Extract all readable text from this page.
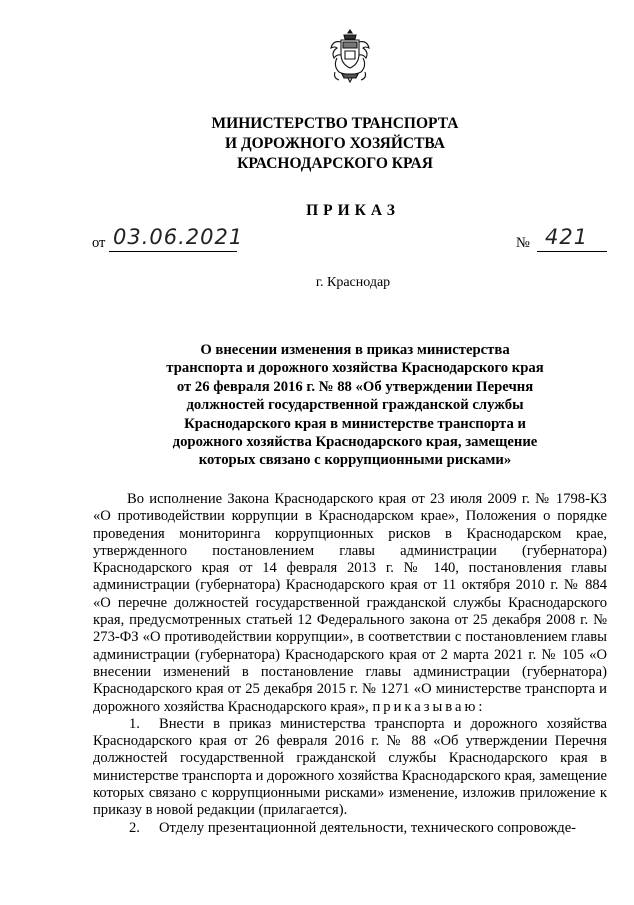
МИНИСТЕРСТВО ТРАНСПОРТА
И ДОРОЖНОГО ХОЗЯЙСТВА
КРАСНОДАРСКОГО КРАЯ
ПРИКАЗ
от 03.06.2021	№ 421
г. Краснодар
О внесении изменения в приказ министерства
транспорта и дорожного хозяйства Краснодарского края
от 26 февраля 2016 г. № 88 «Об утверждении Перечня
должностей государственной гражданской службы
Краснодарского края в министерстве транспорта и
дорожного хозяйства Краснодарского края, замещение
которых связано с коррупционными рисками»

Во исполнение Закона Краснодарского края от 23 июля 2009 г. № 1798-КЗ «О противодействии коррупции в Краснодарском крае», Положения о порядке проведения мониторинга коррупционных рисков в Краснодарском крае, утвержденного постановлением главы администрации (губернатора) Краснодарского края от 14 февраля 2013 г. № 140, постановления главы администрации (губернатора) Краснодарского края от 11 октября 2010 г. № 884 «О перечне должностей государственной гражданской службы Краснодарского края, предусмотренных статьей 12 Федерального закона от 25 декабря 2008 г. № 273-ФЗ «О противодействии коррупции», в соответствии с постановлением главы администрации (губернатора) Краснодарского края от 2 марта 2021 г. № 105 «О внесении изменений в постановление главы администрации (губернатора) Краснодарского края от 25 декабря 2015 г. № 1271 «О министерстве транспорта и дорожного хозяйства Краснодарского края», приказываю:

1. Внести в приказ министерства транспорта и дорожного хозяйства Краснодарского края от 26 февраля 2016 г. № 88 «Об утверждении Перечня должностей государственной гражданской службы Краснодарского края в министерстве транспорта и дорожного хозяйства Краснодарского края, замещение которых связано с коррупционными рисками» изменение, изложив приложение к приказу в новой редакции (прилагается).

2. Отделу презентационной деятельности, технического сопровожде-
